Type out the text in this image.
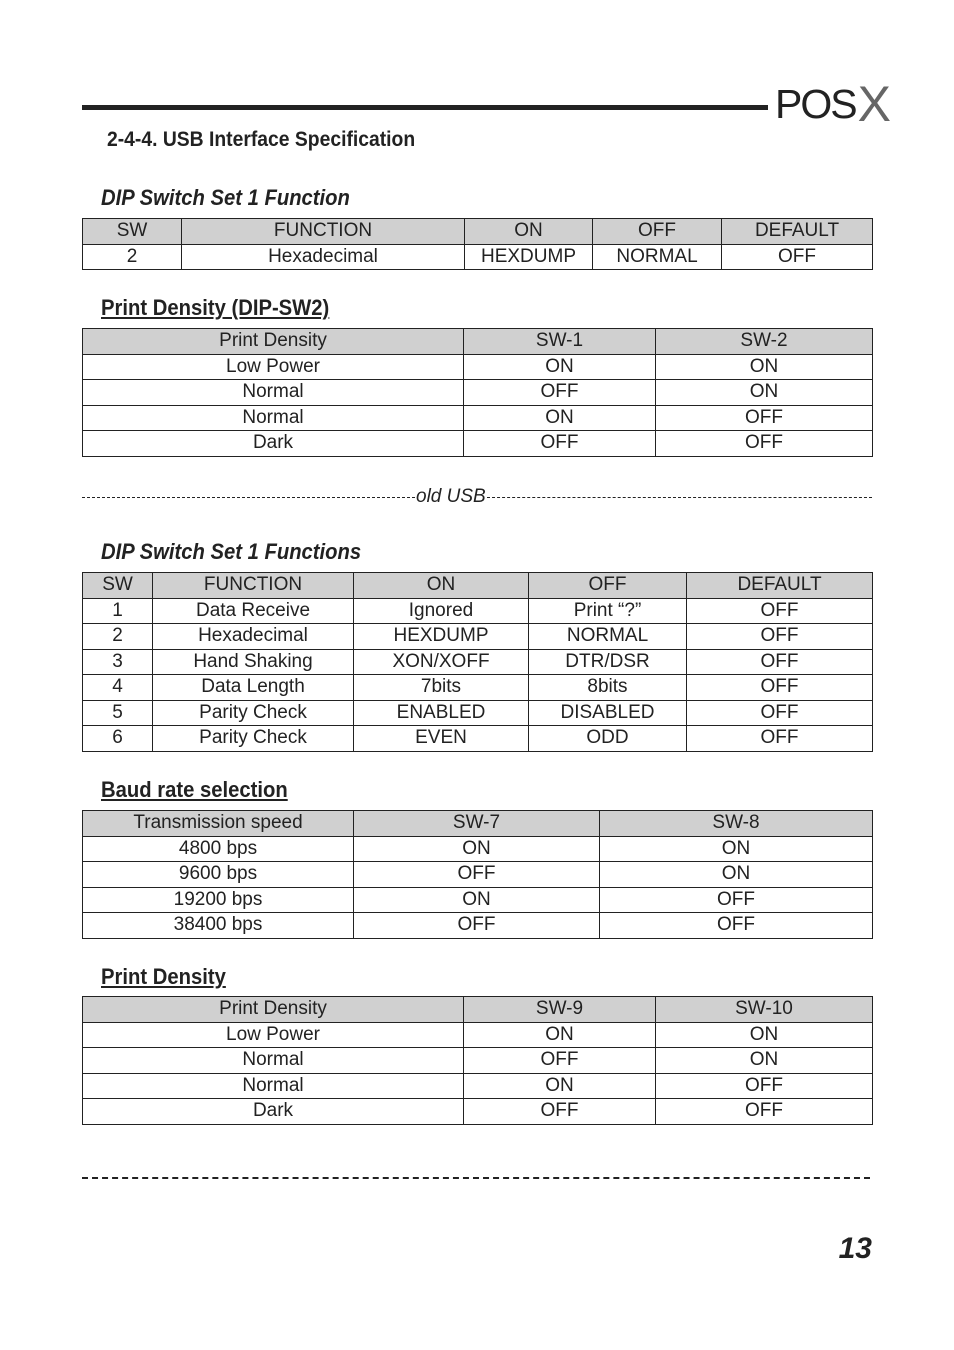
POSX
2-4-4. USB Interface Specification
DIP Switch Set 1 Function
SW	FUNCTION	ON	OFF	DEFAULT
2	Hexadecimal	HEXDUMP	NORMAL	OFF
Print Density (DIP-SW2)
Print Density	SW-1	SW-2
Low Power	ON	ON
Normal	OFF	ON
Normal	ON	OFF
Dark	OFF	OFF
old USB
DIP Switch Set 1 Functions
SW	FUNCTION	ON	OFF	DEFAULT
1	Data Receive	Ignored	Print “?”	OFF
2	Hexadecimal	HEXDUMP	NORMAL	OFF
3	Hand Shaking	XON/XOFF	DTR/DSR	OFF
4	Data Length	7bits	8bits	OFF
5	Parity Check	ENABLED	DISABLED	OFF
6	Parity Check	EVEN	ODD	OFF
Baud rate selection
Transmission speed	SW-7	SW-8
4800 bps	ON	ON
9600 bps	OFF	ON
19200 bps	ON	OFF
38400 bps	OFF	OFF
Print Density
Print Density	SW-9	SW-10
Low Power	ON	ON
Normal	OFF	ON
Normal	ON	OFF
Dark	OFF	OFF
13
